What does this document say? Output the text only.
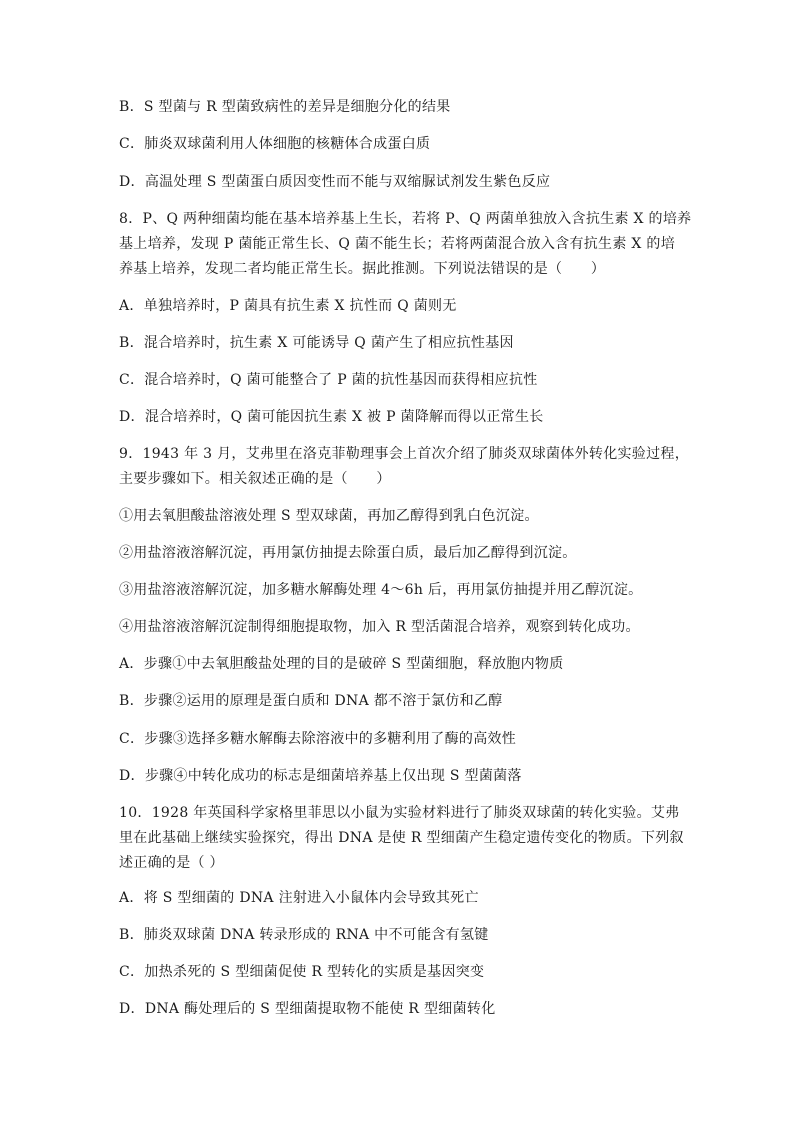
B．S 型菌与 R 型菌致病性的差异是细胞分化的结果
C．肺炎双球菌利用人体细胞的核糖体合成蛋白质
D．高温处理 S 型菌蛋白质因变性而不能与双缩脲试剂发生紫色反应
8．P、Q 两种细菌均能在基本培养基上生长，若将 P、Q 两菌单独放入含抗生素 X 的培养
基上培养，发现 P 菌能正常生长、Q 菌不能生长；若将两菌混合放入含有抗生素 X 的培
养基上培养，发现二者均能正常生长。据此推测。下列说法错误的是（　　）
A．单独培养时，P 菌具有抗生素 X 抗性而 Q 菌则无
B．混合培养时，抗生素 X 可能诱导 Q 菌产生了相应抗性基因
C．混合培养时，Q 菌可能整合了 P 菌的抗性基因而获得相应抗性
D．混合培养时，Q 菌可能因抗生素 X 被 P 菌降解而得以正常生长
9．1943 年 3 月，艾弗里在洛克菲勒理事会上首次介绍了肺炎双球菌体外转化实验过程，
主要步骤如下。相关叙述正确的是（　　）
①用去氧胆酸盐溶液处理 S 型双球菌，再加乙醇得到乳白色沉淀。
②用盐溶液溶解沉淀，再用氯仿抽提去除蛋白质，最后加乙醇得到沉淀。
③用盐溶液溶解沉淀，加多糖水解酶处理 4～6h 后，再用氯仿抽提并用乙醇沉淀。
④用盐溶液溶解沉淀制得细胞提取物，加入 R 型活菌混合培养，观察到转化成功。
A．步骤①中去氧胆酸盐处理的目的是破碎 S 型菌细胞，释放胞内物质
B．步骤②运用的原理是蛋白质和 DNA 都不溶于氯仿和乙醇
C．步骤③选择多糖水解酶去除溶液中的多糖利用了酶的高效性
D．步骤④中转化成功的标志是细菌培养基上仅出现 S 型菌菌落
10．1928 年英国科学家格里菲思以小鼠为实验材料进行了肺炎双球菌的转化实验。艾弗
里在此基础上继续实验探究，得出 DNA 是使 R 型细菌产生稳定遗传变化的物质。下列叙
述正确的是（ ）
A．将 S 型细菌的 DNA 注射进入小鼠体内会导致其死亡
B．肺炎双球菌 DNA 转录形成的 RNA 中不可能含有氢键
C．加热杀死的 S 型细菌促使 R 型转化的实质是基因突变
D．DNA 酶处理后的 S 型细菌提取物不能使 R 型细菌转化
